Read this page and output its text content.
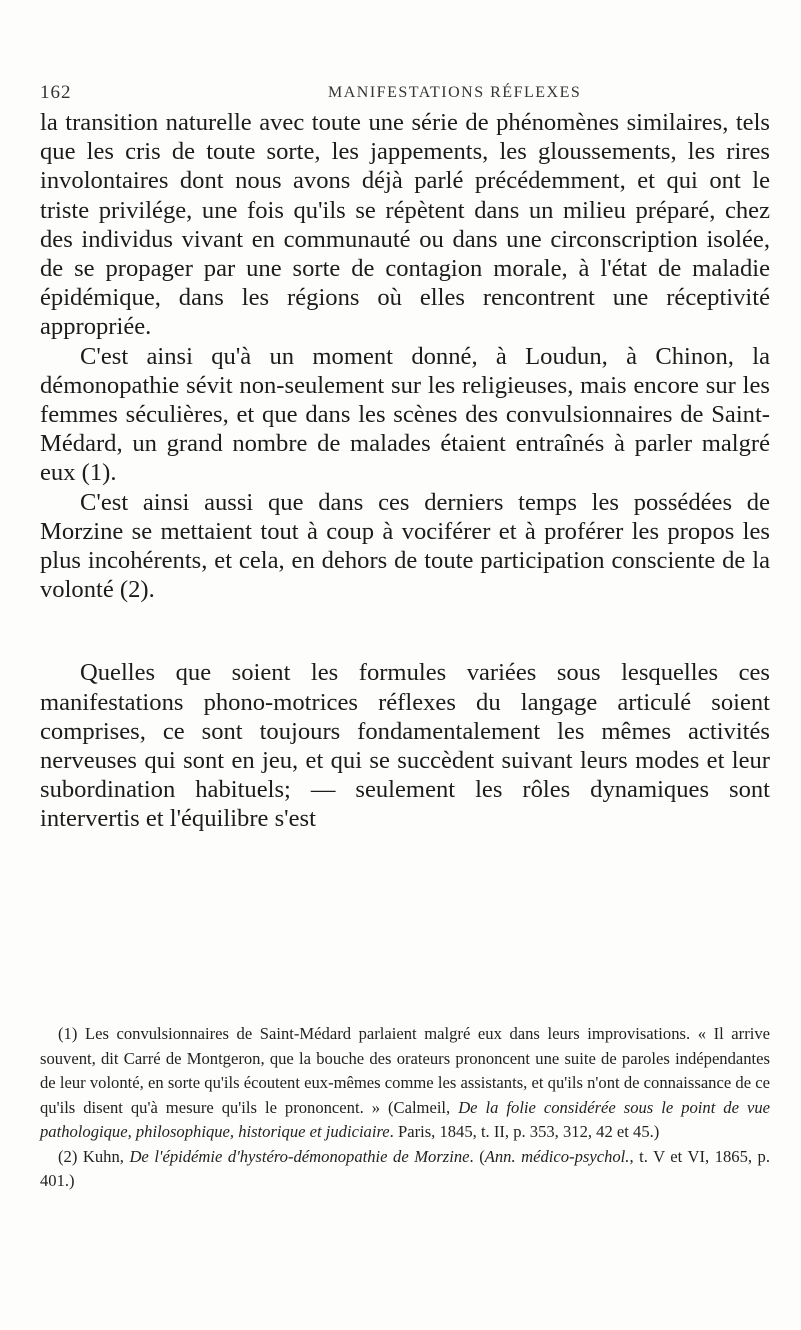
162	MANIFESTATIONS RÉFLEXES

la transition naturelle avec toute une série de phénomènes similaires, tels que les cris de toute sorte, les jappements, les gloussements, les rires involontaires dont nous avons déjà parlé précédemment, et qui ont le triste privilége, une fois qu'ils se répètent dans un milieu préparé, chez des individus vivant en communauté ou dans une circonscription isolée, de se propager par une sorte de contagion morale, à l'état de maladie épidémique, dans les régions où elles rencontrent une réceptivité appropriée.

C'est ainsi qu'à un moment donné, à Loudun, à Chinon, la démonopathie sévit non-seulement sur les religieuses, mais encore sur les femmes séculières, et que dans les scènes des convulsionnaires de Saint-Médard, un grand nombre de malades étaient entraînés à parler malgré eux (1).

C'est ainsi aussi que dans ces derniers temps les possédées de Morzine se mettaient tout à coup à vociférer et à proférer les propos les plus incohérents, et cela, en dehors de toute participation consciente de la volonté (2).

Quelles que soient les formules variées sous lesquelles ces manifestations phono-motrices réflexes du langage articulé soient comprises, ce sont toujours fondamentalement les mêmes activités nerveuses qui sont en jeu, et qui se succèdent suivant leurs modes et leur subordination habituels; — seulement les rôles dynamiques sont intervertis et l'équilibre s'est

(1) Les convulsionnaires de Saint-Médard parlaient malgré eux dans leurs improvisations. « Il arrive souvent, dit Carré de Montgeron, que la bouche des orateurs prononcent une suite de paroles indépendantes de leur volonté, en sorte qu'ils écoutent eux-mêmes comme les assistants, et qu'ils n'ont de connaissance de ce qu'ils disent qu'à mesure qu'ils le prononcent. » (Calmeil, De la folie considérée sous le point de vue pathologique, philosophique, historique et judiciaire. Paris, 1845, t. II, p. 353, 312, 42 et 45.)

(2) Kuhn, De l'épidémie d'hystéro-démonopathie de Morzine. (Ann. médico-psychol., t. V et VI, 1865, p. 401.)
